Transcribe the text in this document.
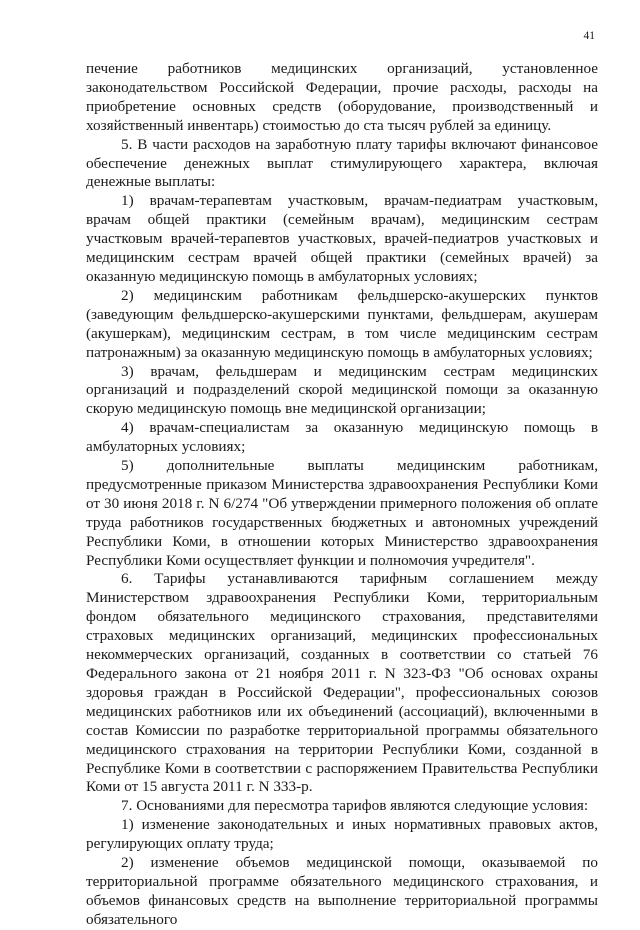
41

печение работников медицинских организаций, установленное законодательством Российской Федерации, прочие расходы, расходы на приобретение основных средств (оборудование, производственный и хозяйственный инвентарь) стоимостью до ста тысяч рублей за единицу.

5. В части расходов на заработную плату тарифы включают финансовое обеспечение денежных выплат стимулирующего характера, включая денежные выплаты:

1) врачам-терапевтам участковым, врачам-педиатрам участковым, врачам общей практики (семейным врачам), медицинским сестрам участковым врачей-терапевтов участковых, врачей-педиатров участковых и медицинским сестрам врачей общей практики (семейных врачей) за оказанную медицинскую помощь в амбулаторных условиях;

2) медицинским работникам фельдшерско-акушерских пунктов (заведующим фельдшерско-акушерскими пунктами, фельдшерам, акушерам (акушеркам), медицинским сестрам, в том числе медицинским сестрам патронажным) за оказанную медицинскую помощь в амбулаторных условиях;

3) врачам, фельдшерам и медицинским сестрам медицинских организаций и подразделений скорой медицинской помощи за оказанную скорую медицинскую помощь вне медицинской организации;

4) врачам-специалистам за оказанную медицинскую помощь в амбулаторных условиях;

5) дополнительные выплаты медицинским работникам, предусмотренные приказом Министерства здравоохранения Республики Коми от 30 июня 2018 г. N 6/274 "Об утверждении примерного положения об оплате труда работников государственных бюджетных и автономных учреждений Республики Коми, в отношении которых Министерство здравоохранения Республики Коми осуществляет функции и полномочия учредителя".

6. Тарифы устанавливаются тарифным соглашением между Министерством здравоохранения Республики Коми, территориальным фондом обязательного медицинского страхования, представителями страховых медицинских организаций, медицинских профессиональных некоммерческих организаций, созданных в соответствии со статьей 76 Федерального закона от 21 ноября 2011 г. N 323-ФЗ "Об основах охраны здоровья граждан в Российской Федерации", профессиональных союзов медицинских работников или их объединений (ассоциаций), включенными в состав Комиссии по разработке территориальной программы обязательного медицинского страхования на территории Республики Коми, созданной в Республике Коми в соответствии с распоряжением Правительства Республики Коми от 15 августа 2011 г. N 333-р.

7. Основаниями для пересмотра тарифов являются следующие условия:

1) изменение законодательных и иных нормативных правовых актов, регулирующих оплату труда;

2) изменение объемов медицинской помощи, оказываемой по территориальной программе обязательного медицинского страхования, и объемов финансовых средств на выполнение территориальной программы обязательного
